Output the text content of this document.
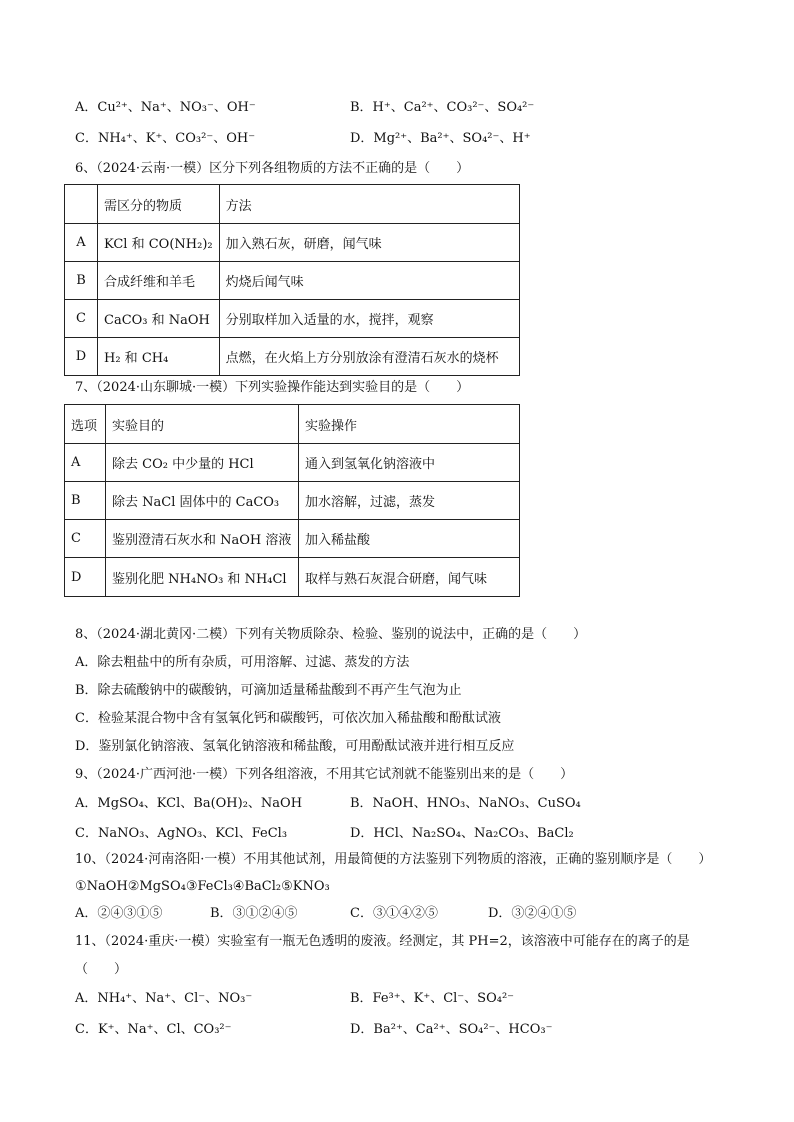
A．Cu²⁺、Na⁺、NO₃⁻、OH⁻	B．H⁺、Ca²⁺、CO₃²⁻、SO₄²⁻
C．NH₄⁺、K⁺、CO₃²⁻、OH⁻	D．Mg²⁺、Ba²⁺、SO₄²⁻、H⁺
6、（2024·云南·一模）区分下列各组物质的方法不正确的是（　　）
	需区分的物质	方法
A	KCl 和 CO(NH₂)₂	加入熟石灰，研磨，闻气味
B	合成纤维和羊毛	灼烧后闻气味
C	CaCO₃ 和 NaOH	分别取样加入适量的水，搅拌，观察
D	H₂ 和 CH₄	点燃，在火焰上方分别放涂有澄清石灰水的烧杯
7、（2024·山东聊城·一模）下列实验操作能达到实验目的是（　　）
选项	实验目的	实验操作
A	除去 CO₂ 中少量的 HCl	通入到氢氧化钠溶液中
B	除去 NaCl 固体中的 CaCO₃	加水溶解，过滤，蒸发
C	鉴别澄清石灰水和 NaOH 溶液	加入稀盐酸
D	鉴别化肥 NH₄NO₃ 和 NH₄Cl	取样与熟石灰混合研磨，闻气味
8、（2024·湖北黄冈·二模）下列有关物质除杂、检验、鉴别的说法中，正确的是（　　）
A．除去粗盐中的所有杂质，可用溶解、过滤、蒸发的方法
B．除去硫酸钠中的碳酸钠，可滴加适量稀盐酸到不再产生气泡为止
C．检验某混合物中含有氢氧化钙和碳酸钙，可依次加入稀盐酸和酚酞试液
D．鉴别氯化钠溶液、氢氧化钠溶液和稀盐酸，可用酚酞试液并进行相互反应
9、（2024·广西河池·一模）下列各组溶液，不用其它试剂就不能鉴别出来的是（　　）
A．MgSO₄、KCl、Ba(OH)₂、NaOH	B．NaOH、HNO₃、NaNO₃、CuSO₄
C．NaNO₃、AgNO₃、KCl、FeCl₃	D．HCl、Na₂SO₄、Na₂CO₃、BaCl₂
10、（2024·河南洛阳·一模）不用其他试剂，用最简便的方法鉴别下列物质的溶液，正确的鉴别顺序是（　　）
①NaOH②MgSO₄③FeCl₃④BaCl₂⑤KNO₃
A．②④③①⑤	B．③①②④⑤	C．③①④②⑤	D．③②④①⑤
11、（2024·重庆·一模）实验室有一瓶无色透明的废液。经测定，其 PH=2，该溶液中可能存在的离子的是
（　　）
A．NH₄⁺、Na⁺、Cl⁻、NO₃⁻	B．Fe³⁺、K⁺、Cl⁻、SO₄²⁻
C．K⁺、Na⁺、Cl、CO₃²⁻	D．Ba²⁺、Ca²⁺、SO₄²⁻、HCO₃⁻
